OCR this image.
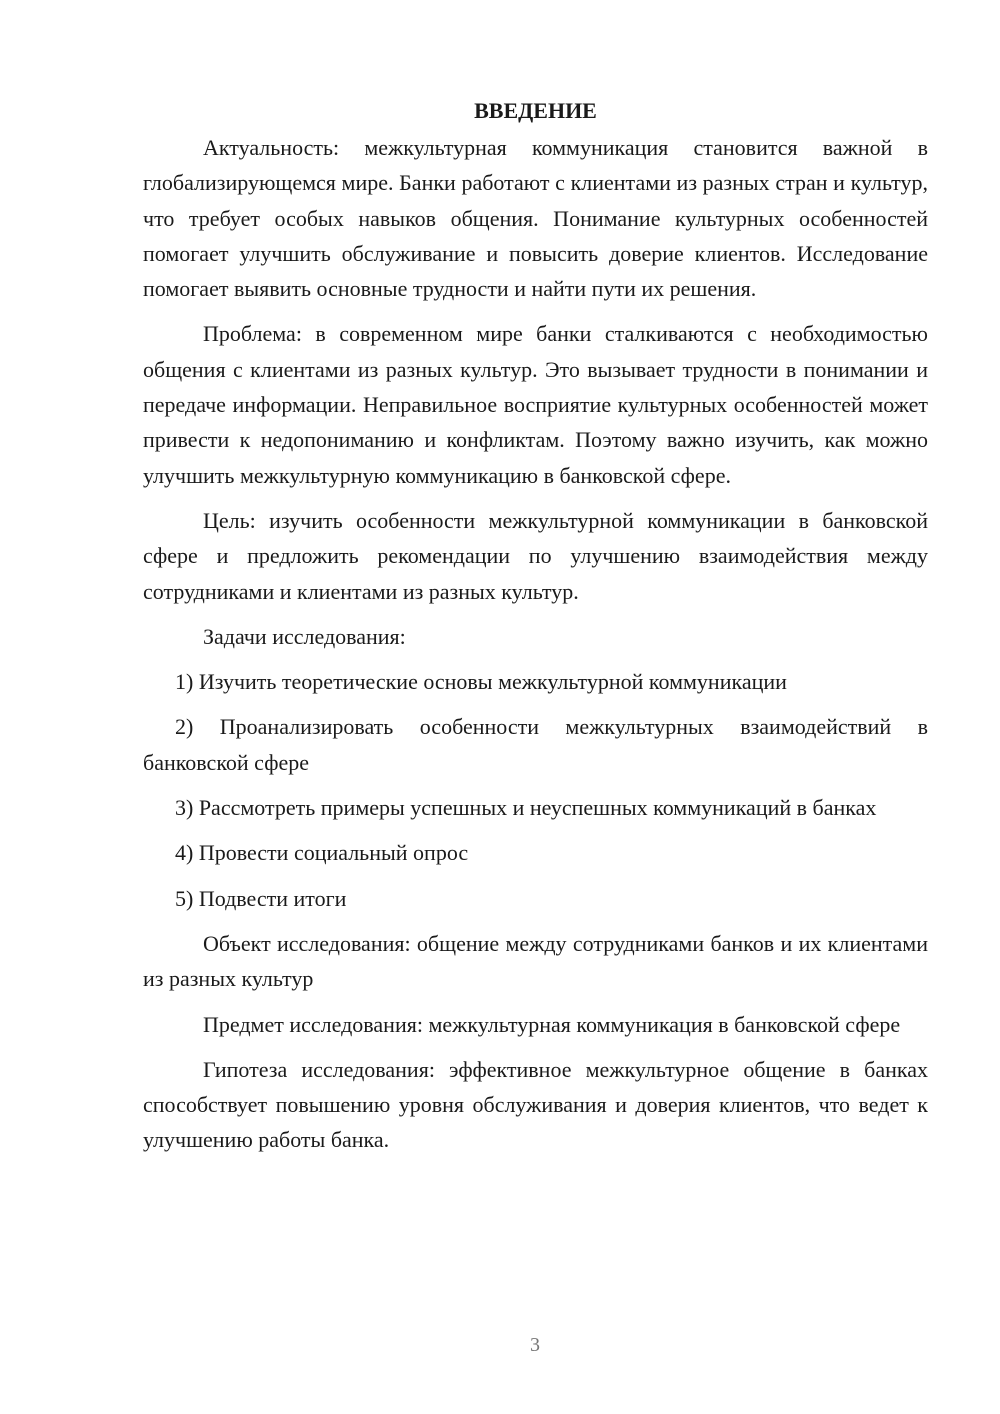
ВВЕДЕНИЕ

Актуальность: межкультурная коммуникация становится важной в глобализирующемся мире. Банки работают с клиентами из разных стран и культур, что требует особых навыков общения. Понимание культурных особенностей помогает улучшить обслуживание и повысить доверие клиентов. Исследование помогает выявить основные трудности и найти пути их решения.

Проблема: в современном мире банки сталкиваются с необходимостью общения с клиентами из разных культур. Это вызывает трудности в понимании и передаче информации. Неправильное восприятие культурных особенностей может привести к недопониманию и конфликтам. Поэтому важно изучить, как можно улучшить межкультурную коммуникацию в банковской сфере.

Цель: изучить особенности межкультурной коммуникации в банковской сфере и предложить рекомендации по улучшению взаимодействия между сотрудниками и клиентами из разных культур.

Задачи исследования:

1) Изучить теоретические основы межкультурной коммуникации

2) Проанализировать особенности межкультурных взаимодействий в банковской сфере

3) Рассмотреть примеры успешных и неуспешных коммуникаций в банках

4) Провести социальный опрос

5) Подвести итоги

Объект исследования: общение между сотрудниками банков и их клиентами из разных культур

Предмет исследования: межкультурная коммуникация в банковской сфере

Гипотеза исследования: эффективное межкультурное общение в банках способствует повышению уровня обслуживания и доверия клиентов, что ведет к улучшению работы банка.

3
